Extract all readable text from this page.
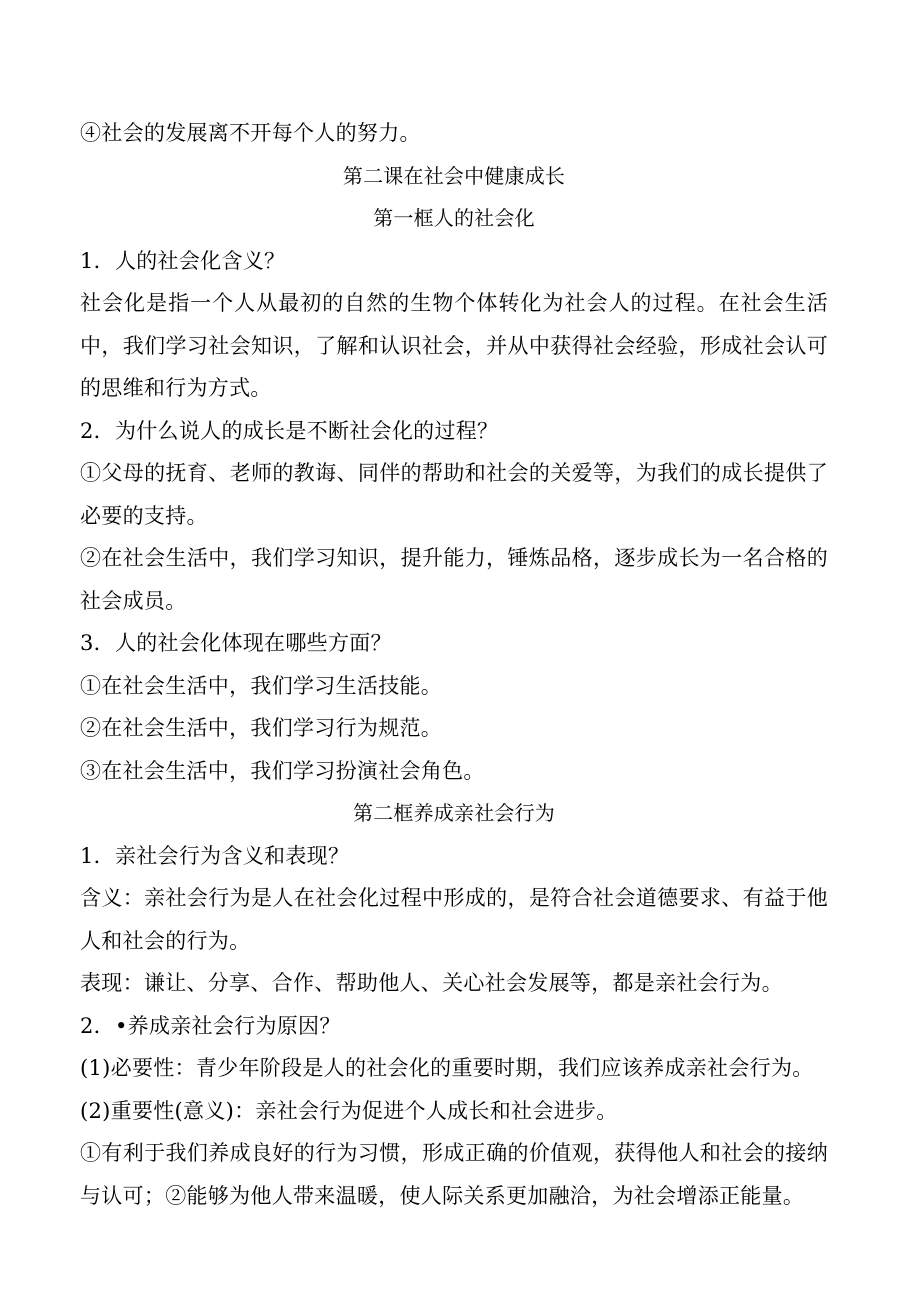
④社会的发展离不开每个人的努力。

第二课在社会中健康成长

第一框人的社会化

1．人的社会化含义？

社会化是指一个人从最初的自然的生物个体转化为社会人的过程。在社会生活中，我们学习社会知识，了解和认识社会，并从中获得社会经验，形成社会认可的思维和行为方式。

2．为什么说人的成长是不断社会化的过程？

①父母的抚育、老师的教诲、同伴的帮助和社会的关爱等，为我们的成长提供了必要的支持。

②在社会生活中，我们学习知识，提升能力，锤炼品格，逐步成长为一名合格的社会成员。

3．人的社会化体现在哪些方面？

①在社会生活中，我们学习生活技能。

②在社会生活中，我们学习行为规范。

③在社会生活中，我们学习扮演社会角色。

第二框养成亲社会行为

1．亲社会行为含义和表现？

含义：亲社会行为是人在社会化过程中形成的，是符合社会道德要求、有益于他人和社会的行为。

表现：谦让、分享、合作、帮助他人、关心社会发展等，都是亲社会行为。

2．•养成亲社会行为原因？

(1)必要性：青少年阶段是人的社会化的重要时期，我们应该养成亲社会行为。

(2)重要性(意义)：亲社会行为促进个人成长和社会进步。

①有利于我们养成良好的行为习惯，形成正确的价值观，获得他人和社会的接纳与认可；②能够为他人带来温暖，使人际关系更加融洽，为社会增添正能量。
